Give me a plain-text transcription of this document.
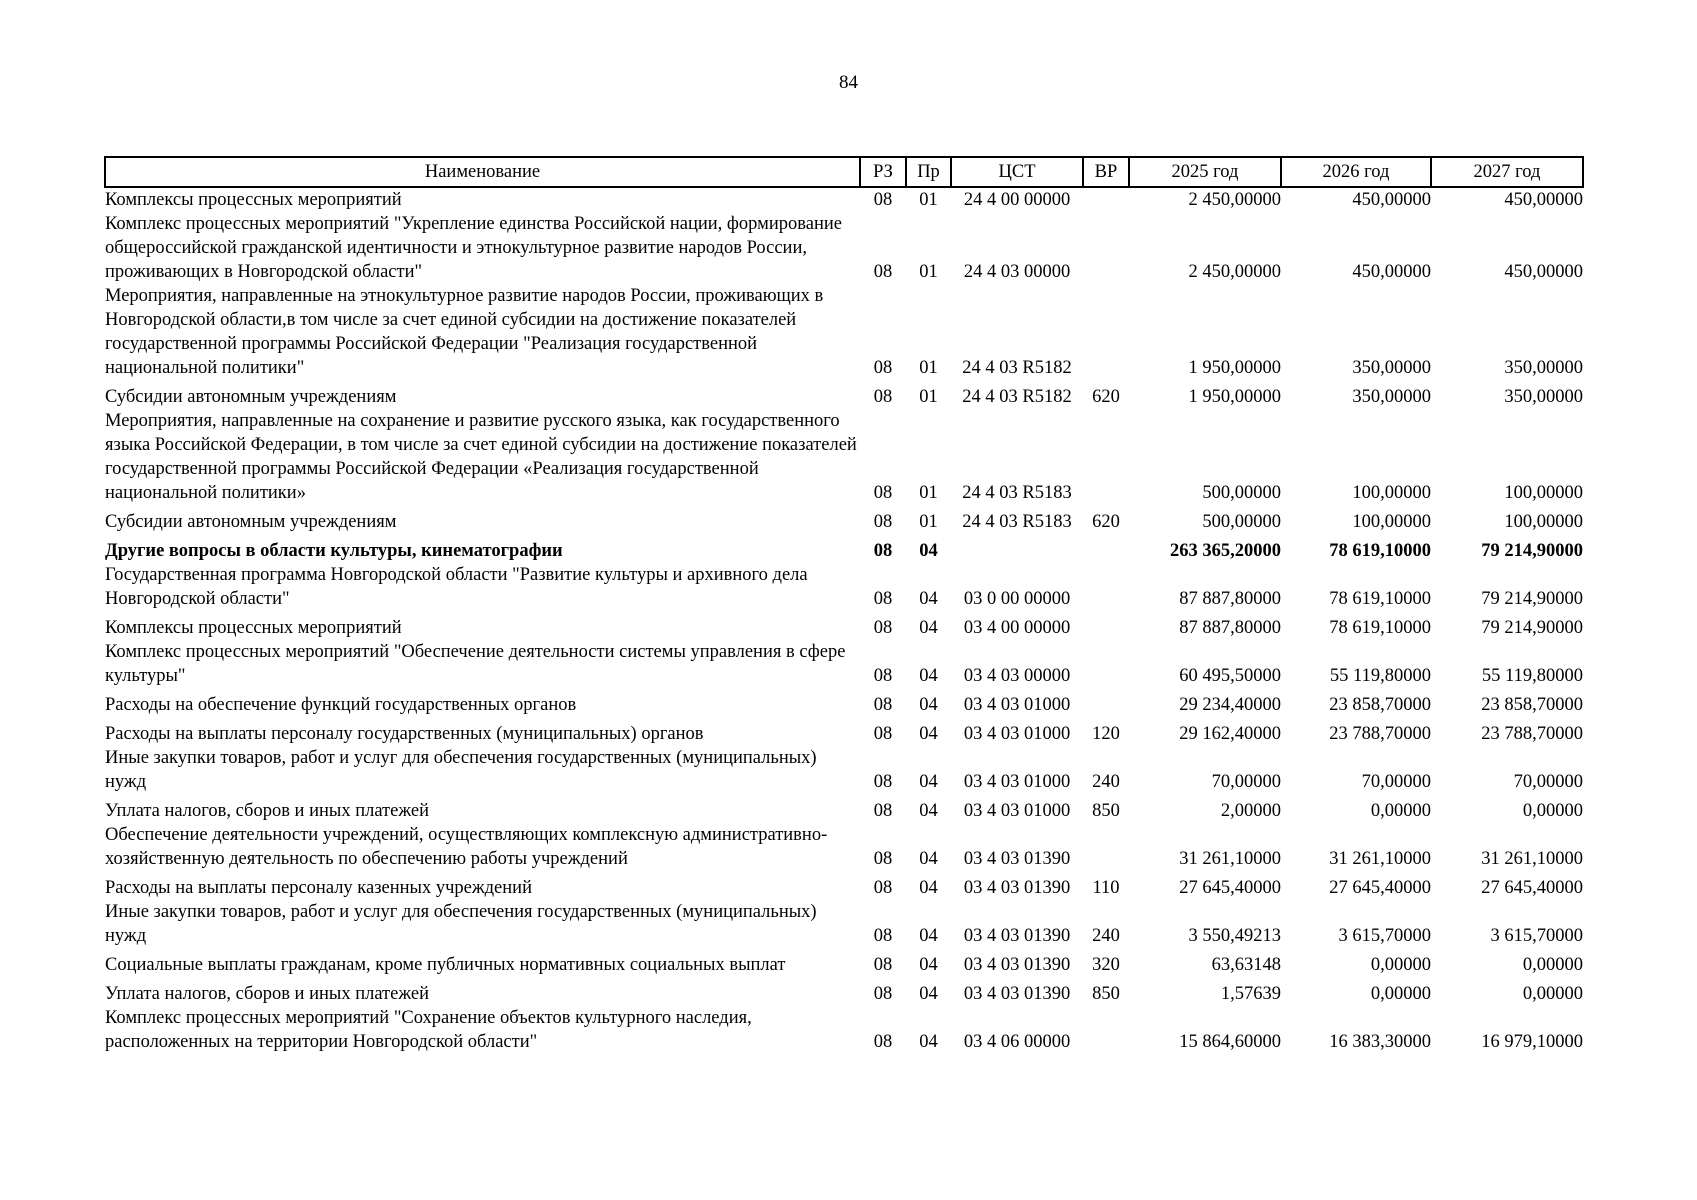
84
Наименование	РЗ	Пр	ЦСТ	ВР	2025 год	2026 год	2027 год
Комплексы процессных мероприятий	08	01	24 4 00 00000		2 450,00000	450,00000	450,00000
Комплекс процессных мероприятий "Укрепление единства Российской нации, формирование общероссийской гражданской идентичности и этнокультурное развитие народов России, проживающих в Новгородской области"	08	01	24 4 03 00000		2 450,00000	450,00000	450,00000
Мероприятия, направленные на этнокультурное развитие народов России, проживающих в Новгородской области,в том числе за счет единой субсидии на достижение показателей государственной программы Российской Федерации "Реализация государственной национальной политики"	08	01	24 4 03 R5182		1 950,00000	350,00000	350,00000
Субсидии автономным учреждениям	08	01	24 4 03 R5182	620	1 950,00000	350,00000	350,00000
Мероприятия, направленные на сохранение и развитие русского языка, как государственного языка Российской Федерации, в том числе за счет единой субсидии на достижение показателей государственной программы Российской Федерации «Реализация государственной национальной политики»	08	01	24 4 03 R5183		500,00000	100,00000	100,00000
Субсидии автономным учреждениям	08	01	24 4 03 R5183	620	500,00000	100,00000	100,00000
Другие вопросы в области культуры, кинематографии	08	04			263 365,20000	78 619,10000	79 214,90000
Государственная программа Новгородской области "Развитие культуры и архивного дела Новгородской области"	08	04	03 0 00 00000		87 887,80000	78 619,10000	79 214,90000
Комплексы процессных мероприятий	08	04	03 4 00 00000		87 887,80000	78 619,10000	79 214,90000
Комплекс процессных мероприятий "Обеспечение деятельности системы управления в сфере культуры"	08	04	03 4 03 00000		60 495,50000	55 119,80000	55 119,80000
Расходы на обеспечение функций государственных органов	08	04	03 4 03 01000		29 234,40000	23 858,70000	23 858,70000
Расходы на выплаты персоналу государственных (муниципальных) органов	08	04	03 4 03 01000	120	29 162,40000	23 788,70000	23 788,70000
Иные закупки товаров, работ и услуг для обеспечения государственных (муниципальных) нужд	08	04	03 4 03 01000	240	70,00000	70,00000	70,00000
Уплата налогов, сборов и иных платежей	08	04	03 4 03 01000	850	2,00000	0,00000	0,00000
Обеспечение деятельности учреждений, осуществляющих комплексную административно-хозяйственную деятельность по обеспечению работы учреждений	08	04	03 4 03 01390		31 261,10000	31 261,10000	31 261,10000
Расходы на выплаты персоналу казенных учреждений	08	04	03 4 03 01390	110	27 645,40000	27 645,40000	27 645,40000
Иные закупки товаров, работ и услуг для обеспечения государственных (муниципальных) нужд	08	04	03 4 03 01390	240	3 550,49213	3 615,70000	3 615,70000
Социальные выплаты гражданам, кроме публичных нормативных социальных выплат	08	04	03 4 03 01390	320	63,63148	0,00000	0,00000
Уплата налогов, сборов и иных платежей	08	04	03 4 03 01390	850	1,57639	0,00000	0,00000
Комплекс процессных мероприятий "Сохранение объектов культурного наследия, расположенных на территории Новгородской области"	08	04	03 4 06 00000		15 864,60000	16 383,30000	16 979,10000
